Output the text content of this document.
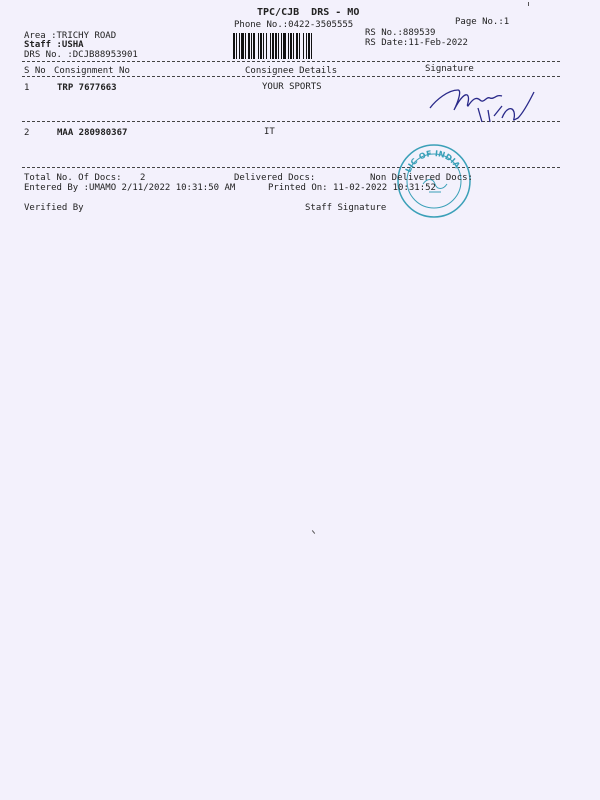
TPC/CJB  DRS - MO
Phone No.:0422-3505555	Page No.:1
Area :TRICHY ROAD
Staff :USHA
DRS No. :DCJB88953901
RS No.:889539
RS Date:11-Feb-2022
S No Consignment No	Consignee Details	Signature
1	TRP 7677663	YOUR SPORTS
2	MAA 280980367	IT
LIC OF INDIA
Total No. Of Docs: 2	Delivered Docs:	Non Delivered Docs:
Entered By :UMAMO 2/11/2022 10:31:50 AM	Printed On: 11-02-2022 10:31:52
Verified By	Staff Signature
